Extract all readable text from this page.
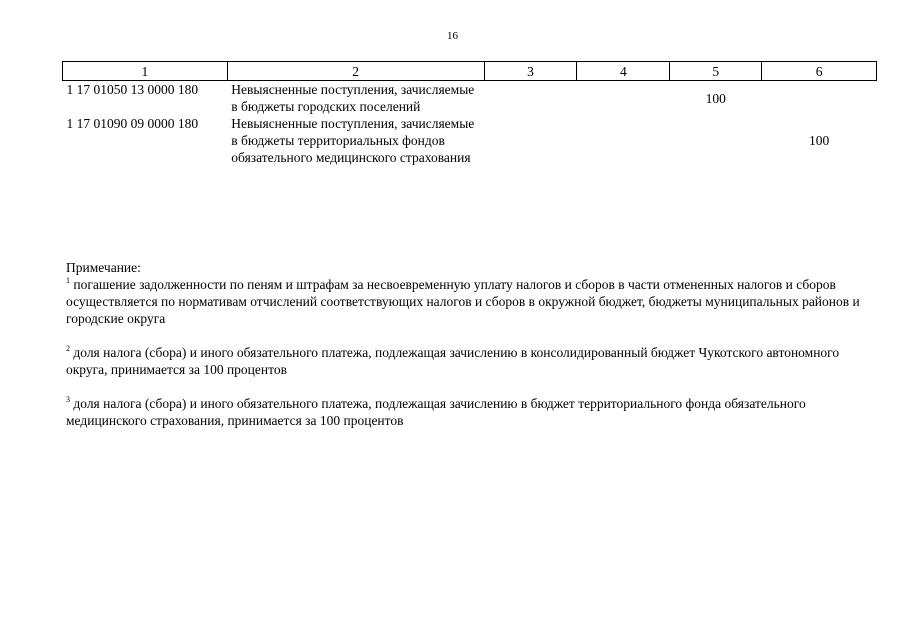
16
1	2	3	4	5	6
1 17 01050 13 0000 180	Невыясненные поступления, зачисляемые в бюджеты городских поселений			100	
1 17 01090 09 0000 180	Невыясненные поступления, зачисляемые в бюджеты территориальных фондов обязательного медицинского страхования				100

Примечание:

$^1$ погашение задолженности по пеням и штрафам за несвоевременную уплату налогов и сборов в части отмененных налогов и сборов осуществляется по нормативам отчислений соответствующих налогов и сборов в окружной бюджет, бюджеты муниципальных районов и городские округа

$^2$ доля налога (сбора) и иного обязательного платежа, подлежащая зачислению в консолидированный бюджет Чукотского автономного округа, принимается за 100 процентов

$^3$ доля налога (сбора) и иного обязательного платежа, подлежащая зачислению в бюджет территориального фонда обязательного медицинского страхования, принимается за 100 процентов
